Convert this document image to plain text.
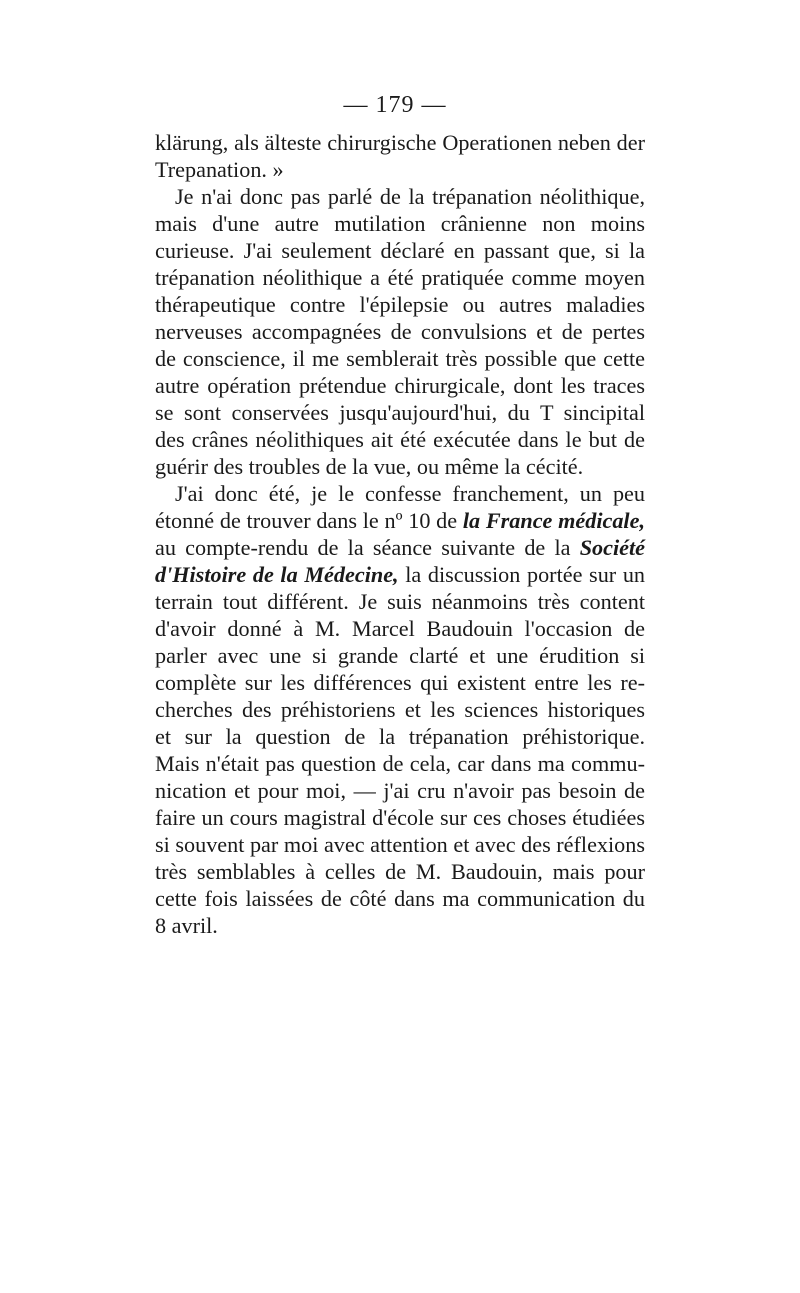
— 179 —
klärung, als älteste chirurgische Operationen neben der
Trepanation. »
Je n'ai donc pas parlé de la trépanation néolithique,
mais d'une autre mutilation crânienne non moins
curieuse. J'ai seulement déclaré en passant que, si la
trépanation néolithique a été pratiquée comme moyen
thérapeutique contre l'épilepsie ou autres maladies
nerveuses accompagnées de convulsions et de pertes
de conscience, il me semblerait très possible que cette
autre opération prétendue chirurgicale, dont les traces
se sont conservées jusqu'aujourd'hui, du T sincipital
des crânes néolithiques ait été exécutée dans le but de
guérir des troubles de la vue, ou même la cécité.
J'ai donc été, je le confesse franchement, un peu
étonné de trouver dans le nº 10 de la France médicale,
au compte-rendu de la séance suivante de la Société
d'Histoire de la Médecine, la discussion portée sur un
terrain tout différent. Je suis néanmoins très content
d'avoir donné à M. Marcel Baudouin l'occasion de
parler avec une si grande clarté et une érudition si
complète sur les différences qui existent entre les re-
cherches des préhistoriens et les sciences historiques
et sur la question de la trépanation préhistorique.
Mais n'était pas question de cela, car dans ma commu-
nication et pour moi, — j'ai cru n'avoir pas besoin de
faire un cours magistral d'école sur ces choses étudiées
si souvent par moi avec attention et avec des réflexions
très semblables à celles de M. Baudouin, mais pour
cette fois laissées de côté dans ma communication du
8 avril.
